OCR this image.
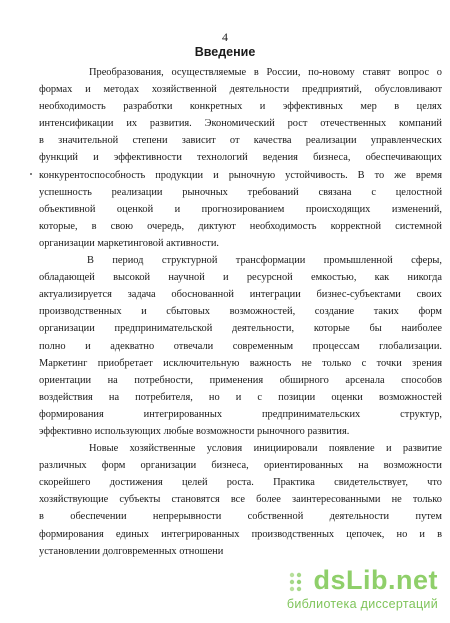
4
Введение
Преобразования, осуществляемые в России, по-новому ставят вопрос о
формах и методах хозяйственной деятельности предприятий, обусловливают
необходимость разработки конкретных и эффективных мер в целях
интенсификации их развития. Экономический рост отечественных компаний
в значительной степени зависит от качества реализации управленческих
функций и эффективности технологий ведения бизнеса, обеспечивающих
конкурентоспособность продукции и рыночную устойчивость. В то же время
успешность реализации рыночных требований связана с целостной
объективной оценкой и прогнозированием происходящих изменений,
которые, в свою очередь, диктуют необходимость корректной системной
организации маркетинговой активности.
В период структурной трансформации промышленной сферы,
обладающей высокой научной и ресурсной емкостью, как никогда
актуализируется задача обоснованной интеграции бизнес-субъектами своих
производственных и сбытовых возможностей, создание таких форм
организации предпринимательской деятельности, которые бы наиболее
полно и адекватно отвечали современным процессам глобализации.
Маркетинг приобретает исключительную важность не только с точки зрения
ориентации на потребности, применения обширного арсенала способов
воздействия на потребителя, но и с позиции оценки возможностей
формирования интегрированных предпринимательских структур,
эффективно использующих любые возможности рыночного развития.
Новые хозяйственные условия инициировали появление и развитие
различных форм организации бизнеса, ориентированных на возможности
скорейшего достижения целей роста. Практика свидетельствует, что
хозяйствующие субъекты становятся все более заинтересованными не только
в обеспечении непрерывности собственной деятельности путем
формирования единых интегрированных производственных цепочек, но и в
установлении долговременных отношени
dsLib.net
библиотека диссертаций
